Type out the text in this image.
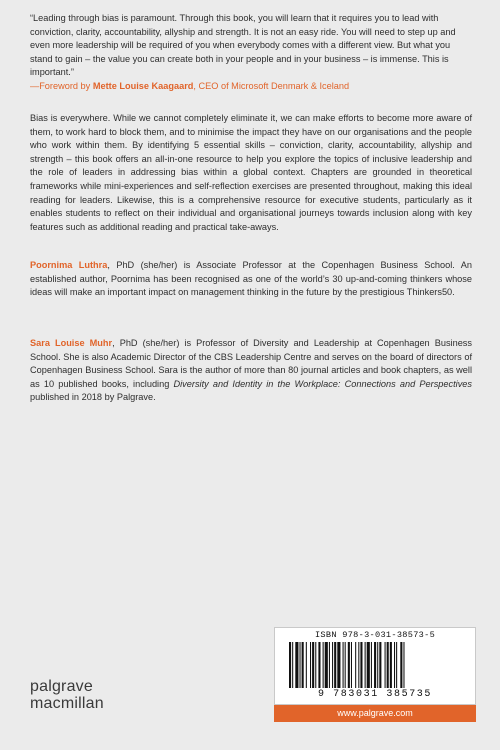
“Leading through bias is paramount. Through this book, you will learn that it requires you to lead with conviction, clarity, accountability, allyship and strength. It is not an easy ride. You will need to step up and even more leadership will be required of you when everybody comes with a different view. But what you stand to gain – the value you can create both in your people and in your business – is immense. This is important.”
—Foreword by Mette Louise Kaagaard, CEO of Microsoft Denmark & Iceland
Bias is everywhere. While we cannot completely eliminate it, we can make efforts to become more aware of them, to work hard to block them, and to minimise the impact they have on our organisations and the people who work within them. By identifying 5 essential skills – conviction, clarity, accountability, allyship and strength – this book offers an all-in-one resource to help you explore the topics of inclusive leadership and the role of leaders in addressing bias within a global context. Chapters are grounded in theoretical frameworks while mini-experiences and self-reflection exercises are presented throughout, making this ideal reading for leaders. Likewise, this is a comprehensive resource for executive students, particularly as it enables students to reflect on their individual and organisational journeys towards inclusion along with key features such as additional reading and practical take-aways.
Poornima Luthra, PhD (she/her) is Associate Professor at the Copenhagen Business School. An established author, Poornima has been recognised as one of the world’s 30 up-and-coming thinkers whose ideas will make an important impact on management thinking in the future by the prestigious Thinkers50.
Sara Louise Muhr, PhD (she/her) is Professor of Diversity and Leadership at Copenhagen Business School. She is also Academic Director of the CBS Leadership Centre and serves on the board of directors of Copenhagen Business School. Sara is the author of more than 80 journal articles and book chapters, as well as 10 published books, including Diversity and Identity in the Workplace: Connections and Perspectives published in 2018 by Palgrave.
palgrave
macmillan
ISBN 978-3-031-38573-5
9 783031 385735
www.palgrave.com
